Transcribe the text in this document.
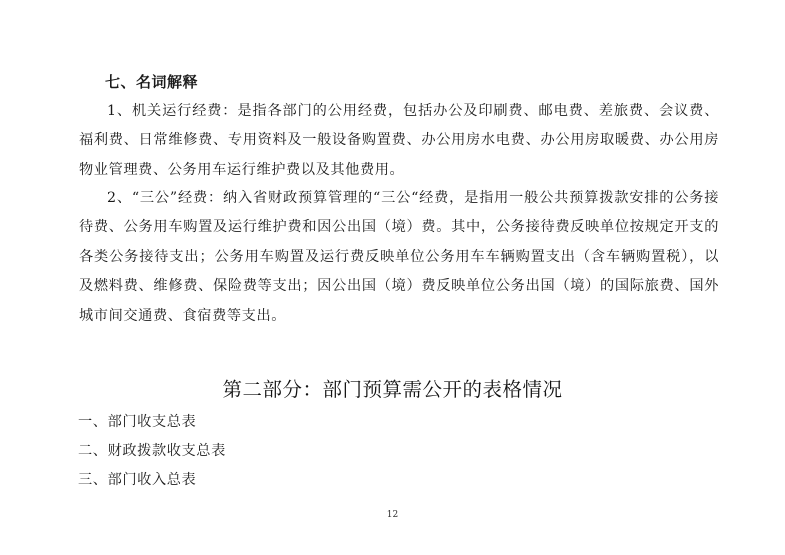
七、名词解释

1、机关运行经费：是指各部门的公用经费，包括办公及印刷费、邮电费、差旅费、会议费、福利费、日常维修费、专用资料及一般设备购置费、办公用房水电费、办公用房取暖费、办公用房物业管理费、公务用车运行维护费以及其他费用。

2、“三公”经费：纳入省财政预算管理的“三公“经费，是指用一般公共预算拨款安排的公务接待费、公务用车购置及运行维护费和因公出国（境）费。其中，公务接待费反映单位按规定开支的各类公务接待支出；公务用车购置及运行费反映单位公务用车车辆购置支出（含车辆购置税），以及燃料费、维修费、保险费等支出；因公出国（境）费反映单位公务出国（境）的国际旅费、国外城市间交通费、食宿费等支出。

第二部分：部门预算需公开的表格情况
一、部门收支总表
二、财政拨款收支总表
三、部门收入总表
12
